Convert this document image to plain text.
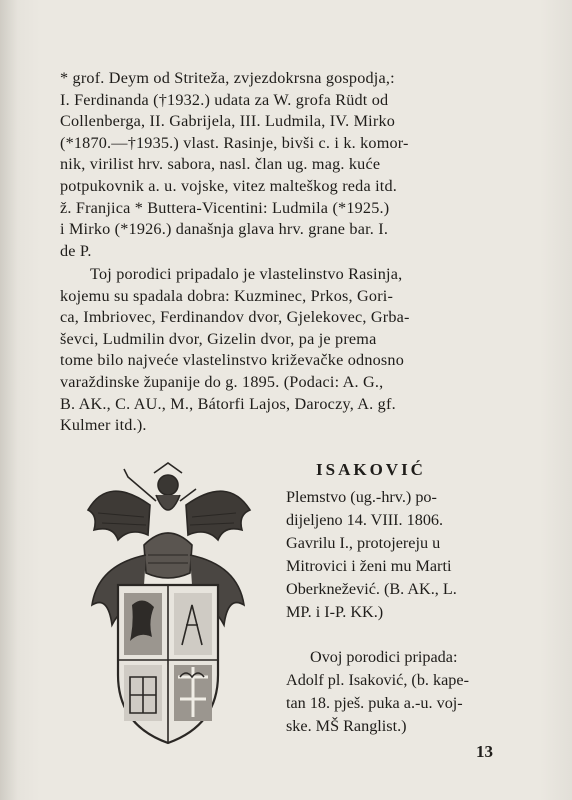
* grof. Deym od Striteža, zvjezdokrsna gospodja,:
I. Ferdinanda (†1932.) udata za W. grofa Rüdt od
Collenberga, II. Gabrijela, III. Ludmila, IV. Mirko
(*1870.—†1935.) vlast. Rasinje, bivši c. i k. komor-
nik, virilist hrv. sabora, nasl. član ug. mag. kuće
potpukovnik a. u. vojske, vitez malteškog reda itd.
ž. Franjica * Buttera-Vicentini: Ludmila (*1925.)
i Mirko (*1926.) današnja glava hrv. grane bar. I.
de P.
Toj porodici pripadalo je vlastelinstvo Rasinja,
kojemu su spadala dobra: Kuzminec, Prkos, Gori-
ca, Imbriovec, Ferdinandov dvor, Gjelekovec, Grba-
ševci, Ludmilin dvor, Gizelin dvor, pa je prema
tome bilo najveće vlastelinstvo križevačke odnosno
varaždinske županije do g. 1895. (Podaci: A. G.,
B. AK., C. AU., M., Bátorfi Lajos, Daroczy, A. gf.
Kulmer itd.).
ISAKOVIĆ
Plemstvo (ug.-hrv.) po-
dijeljeno 14. VIII. 1806.
Gavrilu I., protojereju u
Mitrovici i ženi mu Marti
Oberknežević. (B. AK., L.
MP. i I-P. KK.)
Ovoj porodici pripada:
Adolf pl. Isaković, (b. kape-
tan 18. pješ. puka a.-u. voj-
ske. MŠ Ranglist.)
13
